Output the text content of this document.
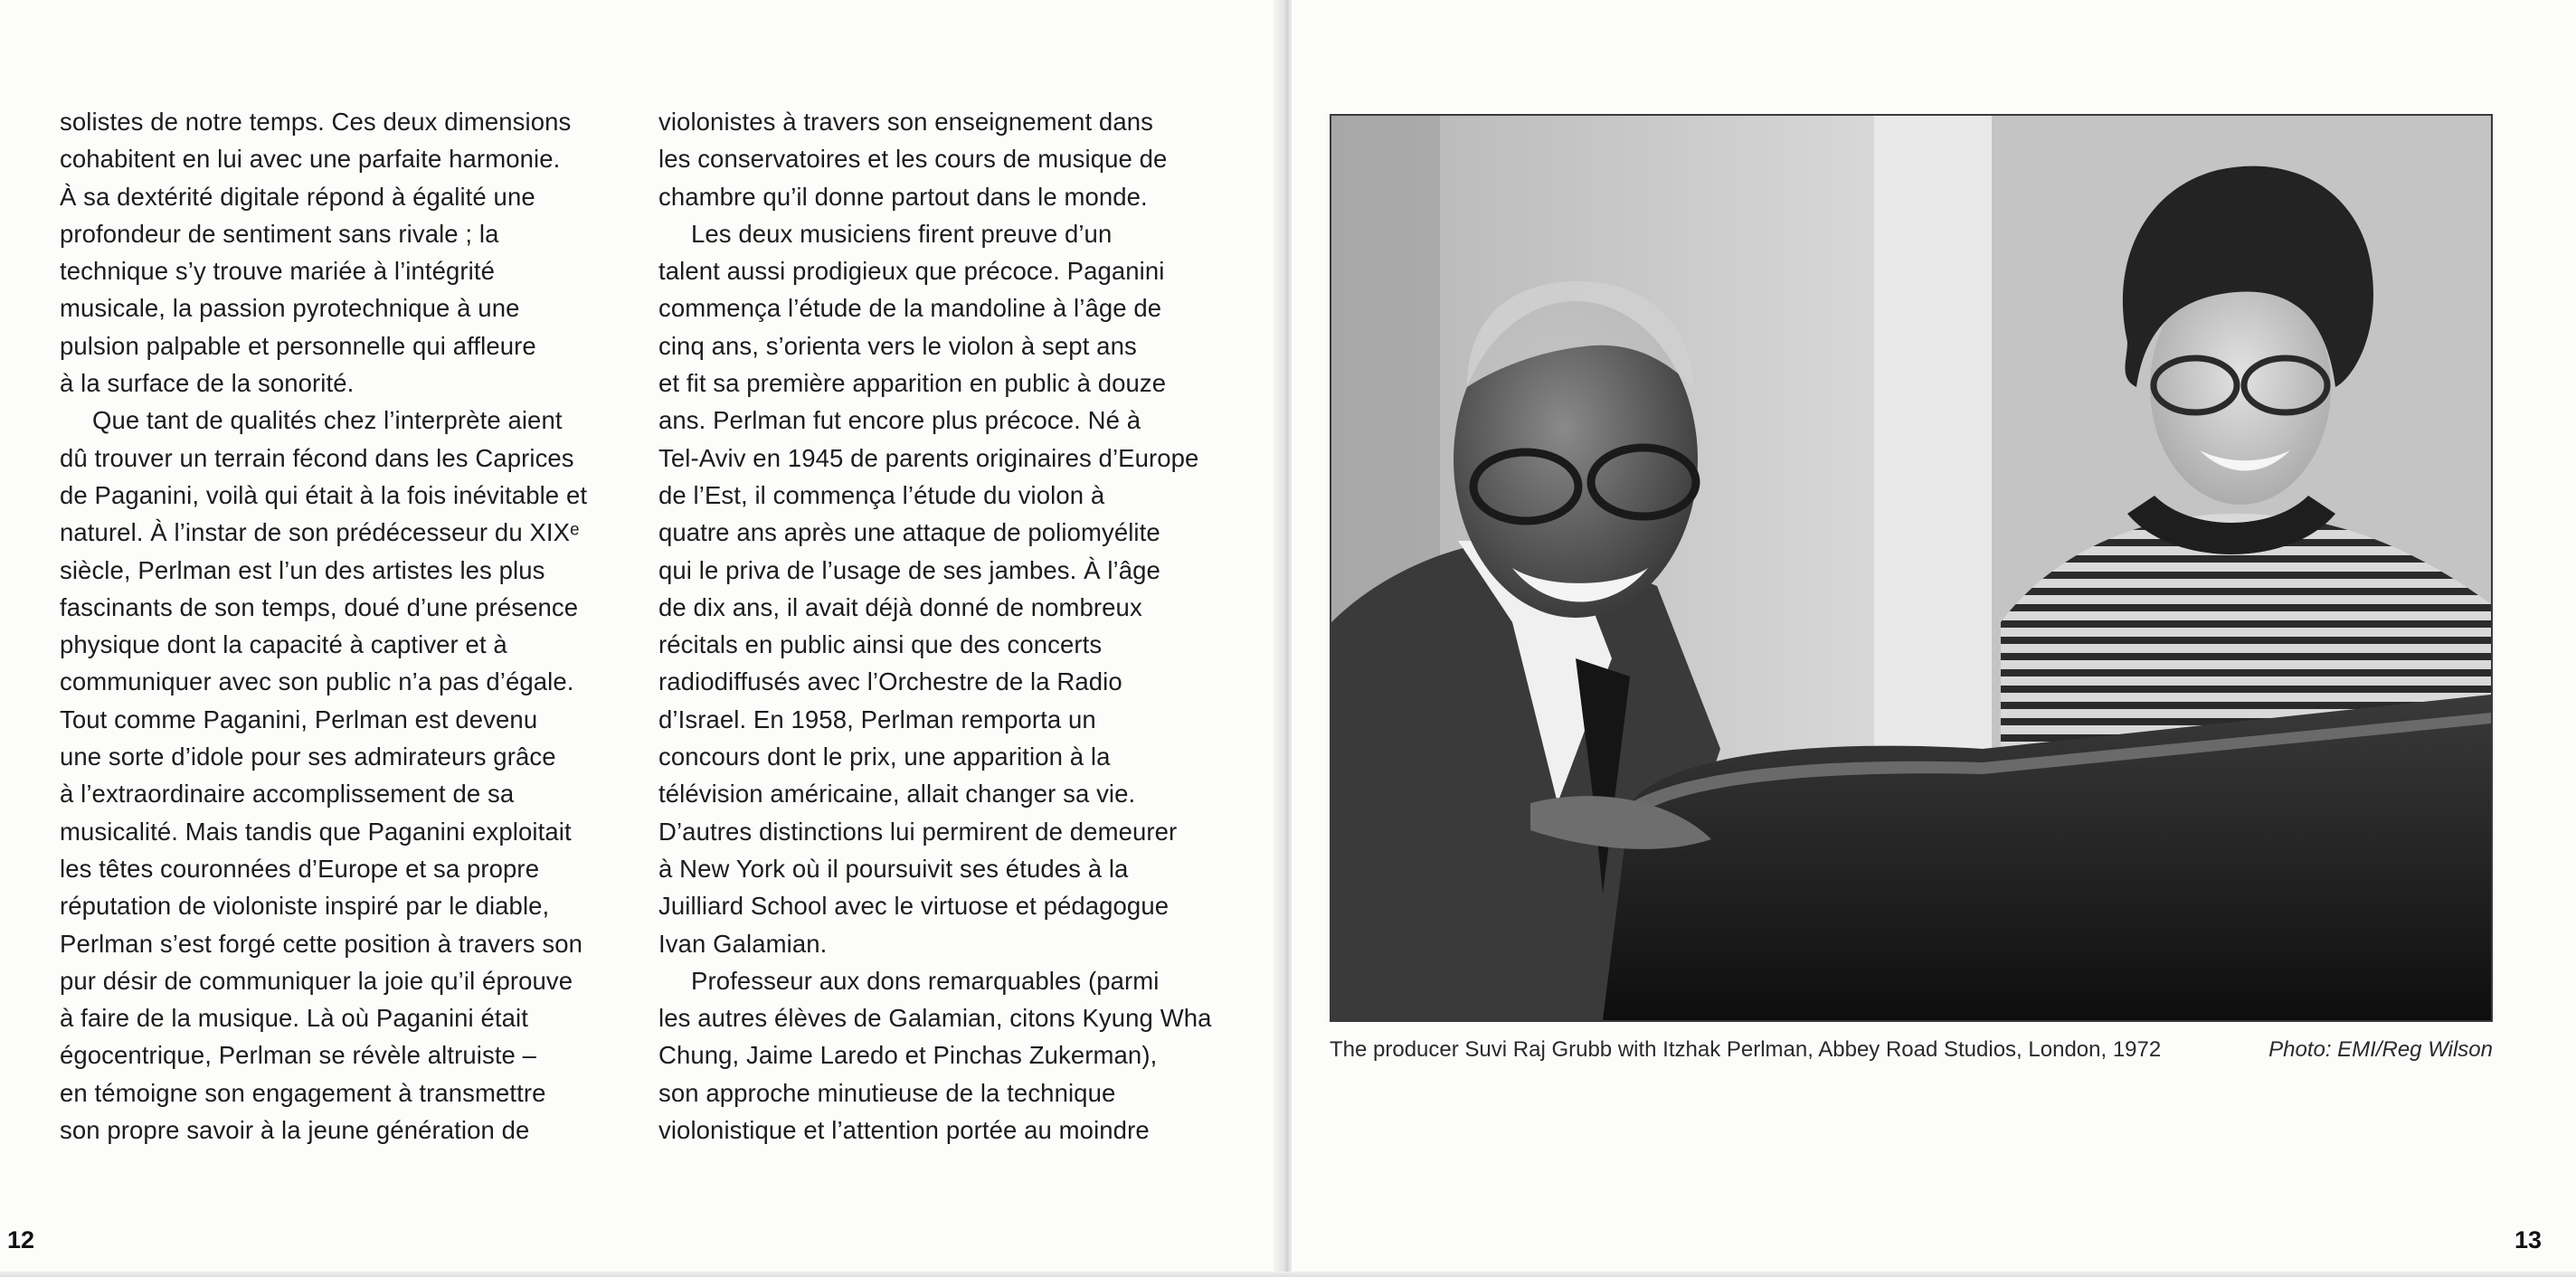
solistes de notre temps. Ces deux dimensions
cohabitent en lui avec une parfaite harmonie.
À sa dextérité digitale répond à égalité une
profondeur de sentiment sans rivale ; la
technique s’y trouve mariée à l’intégrité
musicale, la passion pyrotechnique à une
pulsion palpable et personnelle qui affleure
à la surface de la sonorité.
Que tant de qualités chez l’interprète aient
dû trouver un terrain fécond dans les Caprices
de Paganini, voilà qui était à la fois inévitable et
naturel. À l’instar de son prédécesseur du XIXᵉ
siècle, Perlman est l’un des artistes les plus
fascinants de son temps, doué d’une présence
physique dont la capacité à captiver et à
communiquer avec son public n’a pas d’égale.
Tout comme Paganini, Perlman est devenu
une sorte d’idole pour ses admirateurs grâce
à l’extraordinaire accomplissement de sa
musicalité. Mais tandis que Paganini exploitait
les têtes couronnées d’Europe et sa propre
réputation de violoniste inspiré par le diable,
Perlman s’est forgé cette position à travers son
pur désir de communiquer la joie qu’il éprouve
à faire de la musique. Là où Paganini était
égocentrique, Perlman se révèle altruiste –
en témoigne son engagement à transmettre
son propre savoir à la jeune génération de
violonistes à travers son enseignement dans
les conservatoires et les cours de musique de
chambre qu’il donne partout dans le monde.
Les deux musiciens firent preuve d’un
talent aussi prodigieux que précoce. Paganini
commença l’étude de la mandoline à l’âge de
cinq ans, s’orienta vers le violon à sept ans
et fit sa première apparition en public à douze
ans. Perlman fut encore plus précoce. Né à
Tel-Aviv en 1945 de parents originaires d’Europe
de l’Est, il commença l’étude du violon à
quatre ans après une attaque de poliomyélite
qui le priva de l’usage de ses jambes. À l’âge
de dix ans, il avait déjà donné de nombreux
récitals en public ainsi que des concerts
radiodiffusés avec l’Orchestre de la Radio
d’Israel. En 1958, Perlman remporta un
concours dont le prix, une apparition à la
télévision américaine, allait changer sa vie.
D’autres distinctions lui permirent de demeurer
à New York où il poursuivit ses études à la
Juilliard School avec le virtuose et pédagogue
Ivan Galamian.
Professeur aux dons remarquables (parmi
les autres élèves de Galamian, citons Kyung Wha
Chung, Jaime Laredo et Pinchas Zukerman),
son approche minutieuse de la technique
violonistique et l’attention portée au moindre
12	13
The producer Suvi Raj Grubb with Itzhak Perlman, Abbey Road Studios, London, 1972	Photo: EMI/Reg Wilson
